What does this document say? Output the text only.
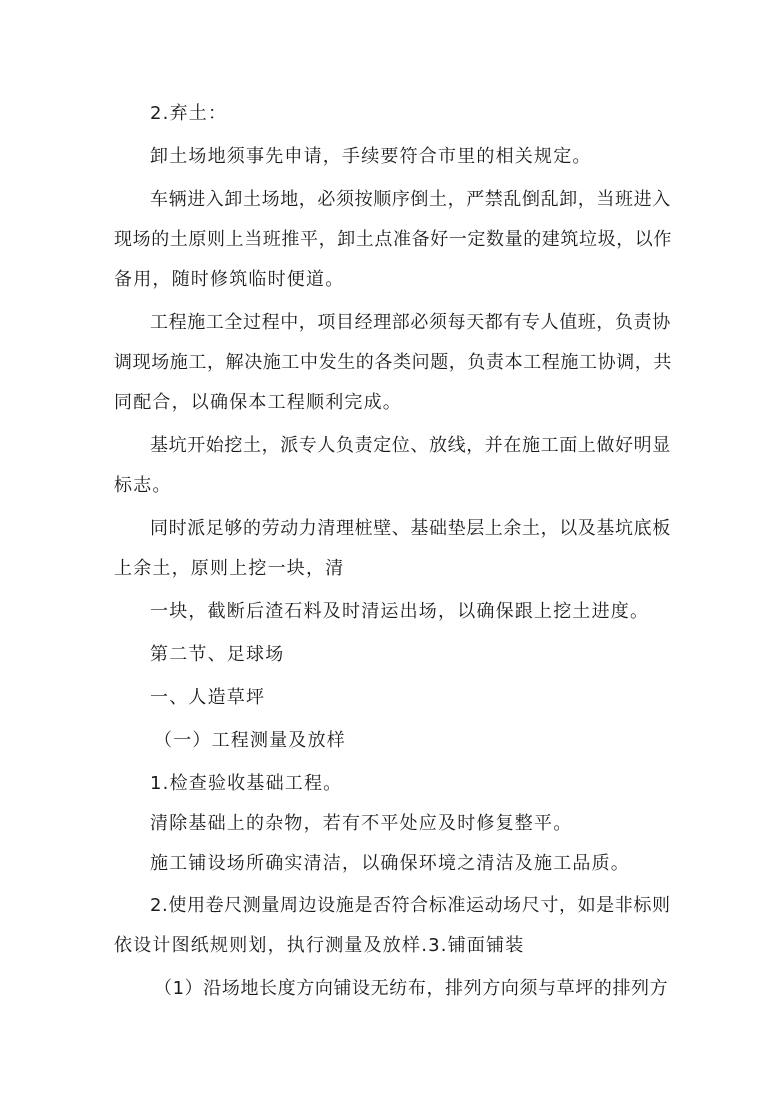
2.弃土：
卸土场地须事先申请，手续要符合市里的相关规定。
车辆进入卸土场地，必须按顺序倒土，严禁乱倒乱卸，当班进入
现场的土原则上当班推平，卸土点准备好一定数量的建筑垃圾，以作
备用，随时修筑临时便道。
工程施工全过程中，项目经理部必须每天都有专人值班，负责协
调现场施工，解决施工中发生的各类问题，负责本工程施工协调，共
同配合，以确保本工程顺利完成。
基坑开始挖土，派专人负责定位、放线，并在施工面上做好明显
标志。
同时派足够的劳动力清理桩壁、基础垫层上余土，以及基坑底板
上余土，原则上挖一块，清
一块，截断后渣石料及时清运出场，以确保跟上挖土进度。
第二节、足球场
一、人造草坪
（一）工程测量及放样
1.检查验收基础工程。
清除基础上的杂物，若有不平处应及时修复整平。
施工铺设场所确实清洁，以确保环境之清洁及施工品质。
2.使用卷尺测量周边设施是否符合标准运动场尺寸，如是非标则
依设计图纸规则划，执行测量及放样.3.铺面铺装
（1）沿场地长度方向铺设无纺布，排列方向须与草坪的排列方
